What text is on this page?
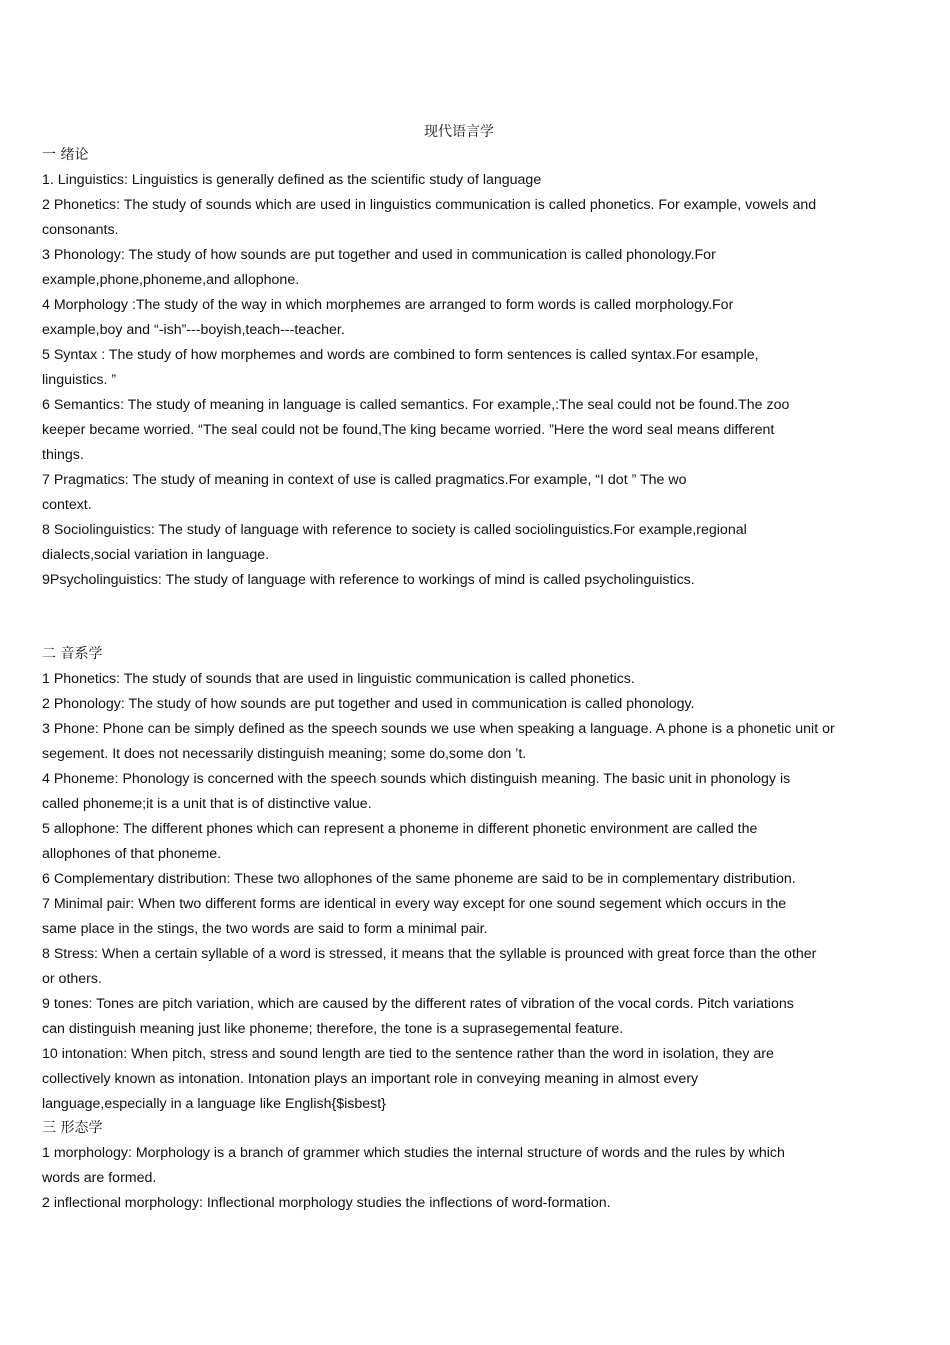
现代语言学
一 绪论

1. Linguistics: Linguistics is generally defined as the scientific study of language

2 Phonetics: The study of sounds which are used in linguistics communication is called phonetics. For example, vowels and

consonants.

3 Phonology: The study of how sounds are put together and used in communication is called phonology.For

example,phone,phoneme,and allophone.

4 Morphology :The study of the way in which morphemes are arranged to form words is called morphology.For

example,boy and “-ish”---boyish,teach---teacher.

5 Syntax : The study of how morphemes and words are combined to form sentences is called syntax.For esample,

linguistics. ”

6 Semantics: The study of meaning in language is called semantics. For example,:The seal could not be found.The zoo

keeper became worried. “The seal could not be found,The king became worried. ”Here the word seal means different

things.

7 Pragmatics: The study of meaning in context of use is called pragmatics.For example, “I dot ” The wo

context.

8 Sociolinguistics: The study of language with reference to society is called sociolinguistics.For example,regional

dialects,social variation in language.

9Psycholinguistics: The study of language with reference to workings of mind is called psycholinguistics.

二 音系学

1 Phonetics: The study of sounds that are used in linguistic communication is called phonetics.

2 Phonology: The study of how sounds are put together and used in communication is called phonology.

3 Phone: Phone can be simply defined as the speech sounds we use when speaking a language. A phone is a phonetic unit or

segement. It does not necessarily distinguish meaning; some do,some don ’t.

4 Phoneme: Phonology is concerned with the speech sounds which distinguish meaning. The basic unit in phonology is

called phoneme;it is a unit that is of distinctive value.

5 allophone: The different phones which can represent a phoneme in different phonetic environment are called the

allophones of that phoneme.

6 Complementary distribution: These two allophones of the same phoneme are said to be in complementary distribution.

7 Minimal pair: When two different forms are identical in every way except for one sound segement which occurs in the

same place in the stings, the two words are said to form a minimal pair.

8 Stress: When a certain syllable of a word is stressed, it means that the syllable is prounced with great force than the other

or others.

9 tones: Tones are pitch variation, which are caused by the different rates of vibration of the vocal cords. Pitch variations

can distinguish meaning just like phoneme; therefore, the tone is a suprasegemental feature.

10 intonation: When pitch, stress and sound length are tied to the sentence rather than the word in isolation, they are

collectively known as intonation. Intonation plays an important role in conveying meaning in almost every

language,especially in a language like English{$isbest}

三 形态学

1 morphology: Morphology is a branch of grammer which studies the internal structure of words and the rules by which

words are formed.

2 inflectional morphology: Inflectional morphology studies the inflections of word-formation.
